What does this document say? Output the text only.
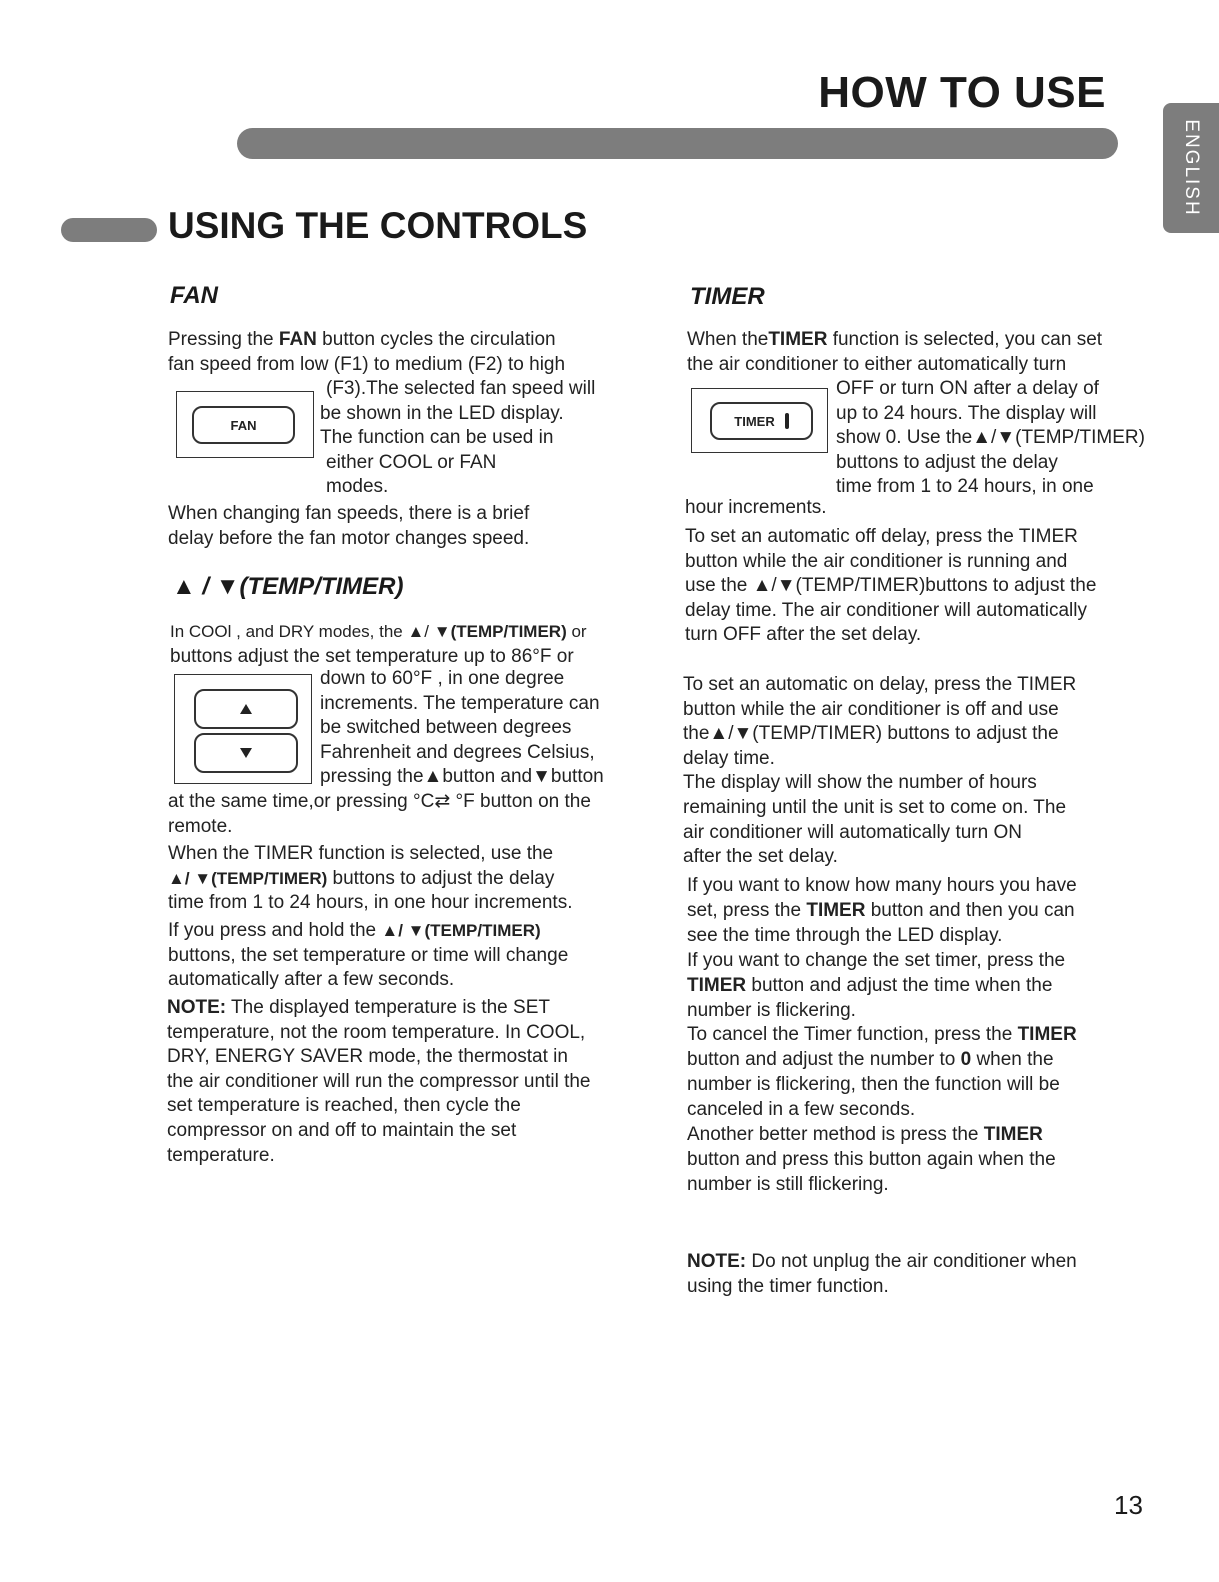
HOW TO USE
ENGLISH
USING THE CONTROLS
FAN

Pressing the FAN button cycles the circulation

fan speed from low (F1) to medium (F2) to high

FAN

(F3).The selected fan speed will

be shown in the LED display.

The function can be used in

either COOL or FAN

modes.

When changing fan speeds, there is a brief

delay before the fan motor changes speed.

▲ / ▼(TEMP/TIMER)

In COOl , and DRY modes, the ▲/ ▼(TEMP/TIMER) or

buttons adjust the set temperature up to 86°F or

down to 60°F , in one degree

increments. The temperature can

be switched between degrees

Fahrenheit and degrees Celsius,

pressing the▲button and▼button

at the same time,or pressing °C⇄ °F button on the

remote.

When the TIMER function is selected, use the

▲/ ▼(TEMP/TIMER) buttons to adjust the delay

time from 1 to 24 hours, in one hour increments.

If you press and hold the ▲/ ▼(TEMP/TIMER)

buttons, the set temperature or time will change

automatically after a few seconds.

NOTE: The displayed temperature is the SET

temperature, not the room temperature. In COOL,

DRY, ENERGY SAVER mode, the thermostat in

the air conditioner will run the compressor until the

set temperature is reached, then cycle the

compressor on and off to maintain the set

temperature.

TIMER

When theTIMER function is selected, you can set

the air conditioner to either automatically turn

TIMER

OFF or turn ON after a delay of

up to 24 hours. The display will

show 0. Use the▲/▼(TEMP/TIMER)

buttons to adjust the delay

time from 1 to 24 hours, in one

hour increments.

To set an automatic off delay, press the TIMER

button while the air conditioner is running and

use the ▲/▼(TEMP/TIMER)buttons to adjust the

delay time. The air conditioner will automatically

turn OFF after the set delay.

To set an automatic on delay, press the TIMER

button while the air conditioner is off and use

the▲/▼(TEMP/TIMER) buttons to adjust the

delay time.

The display will show the number of hours

remaining until the unit is set to come on. The

air conditioner will automatically turn ON

after the set delay.

If you want to know how many hours you have

set, press the TIMER button and then you can

see the time through the LED display.

If you want to change the set timer, press the

TIMER button and adjust the time when the

number is flickering.

To cancel the Timer function, press the TIMER

button and adjust the number to 0 when the

number is flickering, then the function will be

canceled in a few seconds.

Another better method is press the TIMER

button and press this button again when the

number is still flickering.

NOTE: Do not unplug the air conditioner when

using the timer function.

13
